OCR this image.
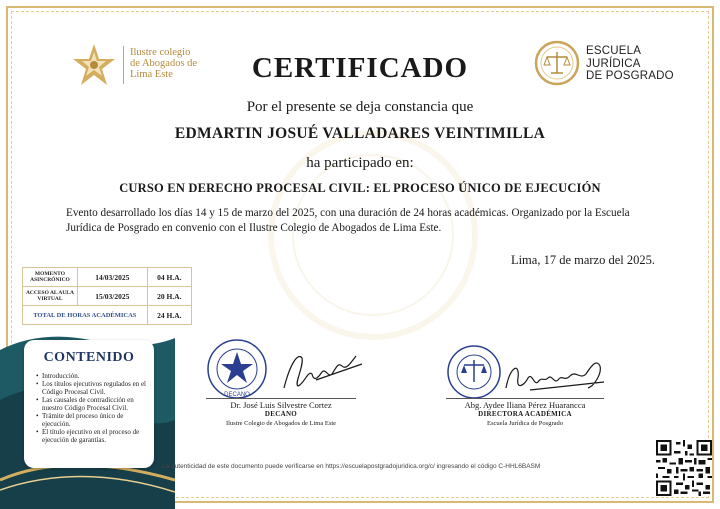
Ilustre colegio
de Abogados de
Lima Este
ESCUELA
JURÍDICA
DE POSGRADO
CERTIFICADO
Por el presente se deja constancia que
EDMARTIN JOSUÉ VALLADARES VEINTIMILLA
ha participado en:
CURSO EN DERECHO PROCESAL CIVIL: EL PROCESO ÚNICO DE EJECUCIÓN
Evento desarrollado los días 14 y 15 de marzo del 2025, con una duración de 24 horas académicas. Organizado por la Escuela Jurídica de Posgrado en convenio con el Ilustre Colegio de Abogados de Lima Este.
Lima, 17 de marzo del 2025.
MOMENTO ASINCRÓNICO	14/03/2025	04 H.A.
ACCESO AL AULA VIRTUAL	15/03/2025	20 H.A.
TOTAL DE HORAS ACADÉMICAS		24 H.A.
CONTENIDO
• Introducción.
• Los títulos ejecutivos regulados en el Código Procesal Civil.
• Las causales de contradicción en nuestro Código Procesal Civil.
• Trámite del proceso único de ejecución.
• El título ejecutivo en el proceso de ejecución de garantías.
DECANO
Dr. José Luis Silvestre Cortez
DECANO
Ilustre Colegio de Abogados de Lima Este
Abg. Aydee Iliana Pérez Huarancca
DIRECTORA ACADÉMICA
Escuela Jurídica de Posgrado
La autenticidad de este documento puede verificarse en https://escuelapostgradojuridica.org/c/ ingresando el código C-HHL6BASM
